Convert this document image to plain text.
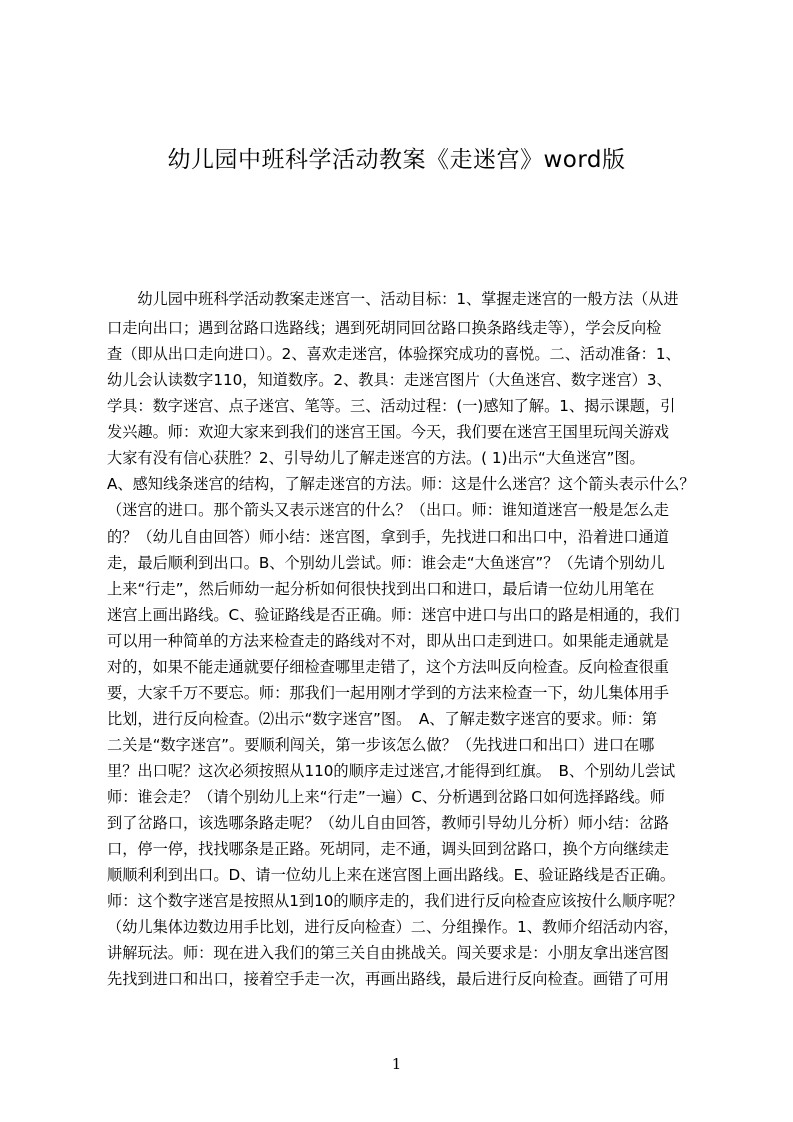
幼儿园中班科学活动教案《走迷宫》word版
　　幼儿园中班科学活动教案走迷宫一、活动目标：1、掌握走迷宫的一般方法（从进
口走向出口；遇到岔路口选路线；遇到死胡同回岔路口换条路线走等），学会反向检
查（即从出口走向进口）。2、喜欢走迷宫，体验探究成功的喜悦。二、活动准备：1、
幼儿会认读数字110，知道数序。2、教具：走迷宫图片（大鱼迷宫、数字迷宫）3、
学具：数字迷宫、点子迷宫、笔等。三、活动过程：(一)感知了解。1、揭示课题，引
发兴趣。师：欢迎大家来到我们的迷宫王国。今天，我们要在迷宫王国里玩闯关游戏
大家有没有信心获胜？2、引导幼儿了解走迷宫的方法。( 1)出示“大鱼迷宫”图。
A、感知线条迷宫的结构，了解走迷宫的方法。师：这是什么迷宫？这个箭头表示什么？
（迷宫的进口。那个箭头又表示迷宫的什么？（出口。师：谁知道迷宫一般是怎么走
的？（幼儿自由回答）师小结：迷宫图，拿到手，先找进口和出口中，沿着进口通道
走，最后顺利到出口。B、个别幼儿尝试。师：谁会走“大鱼迷宫”？（先请个别幼儿
上来“行走”，然后师幼一起分析如何很快找到出口和进口，最后请一位幼儿用笔在
迷宫上画出路线。C、验证路线是否正确。师：迷宫中进口与出口的路是相通的，我们
可以用一种简单的方法来检查走的路线对不对，即从出口走到进口。如果能走通就是
对的，如果不能走通就要仔细检查哪里走错了，这个方法叫反向检查。反向检查很重
要，大家千万不要忘。师：那我们一起用刚才学到的方法来检查一下，幼儿集体用手
比划，进行反向检查。⑵出示“数字迷宫”图。　A、了解走数字迷宫的要求。师：第
二关是“数字迷宫”。要顺利闯关，第一步该怎么做？（先找进口和出口）进口在哪
里？出口呢？这次必须按照从110的顺序走过迷宫,才能得到红旗。　B、个别幼儿尝试
师：谁会走？（请个别幼儿上来“行走”一遍）C、分析遇到岔路口如何选择路线。师
到了岔路口，该选哪条路走呢？（幼儿自由回答，教师引导幼儿分析）师小结：岔路
口，停一停，找找哪条是正路。死胡同，走不通，调头回到岔路口，换个方向继续走
顺顺利利到出口。D、请一位幼儿上来在迷宫图上画出路线。E、验证路线是否正确。
师：这个数字迷宫是按照从1到10的顺序走的，我们进行反向检查应该按什么顺序呢？
（幼儿集体边数边用手比划，进行反向检查）二、分组操作。1、教师介绍活动内容，
讲解玩法。师：现在进入我们的第三关自由挑战关。闯关要求是：小朋友拿出迷宫图
先找到进口和出口，接着空手走一次，再画出路线，最后进行反向检查。画错了可用
1
